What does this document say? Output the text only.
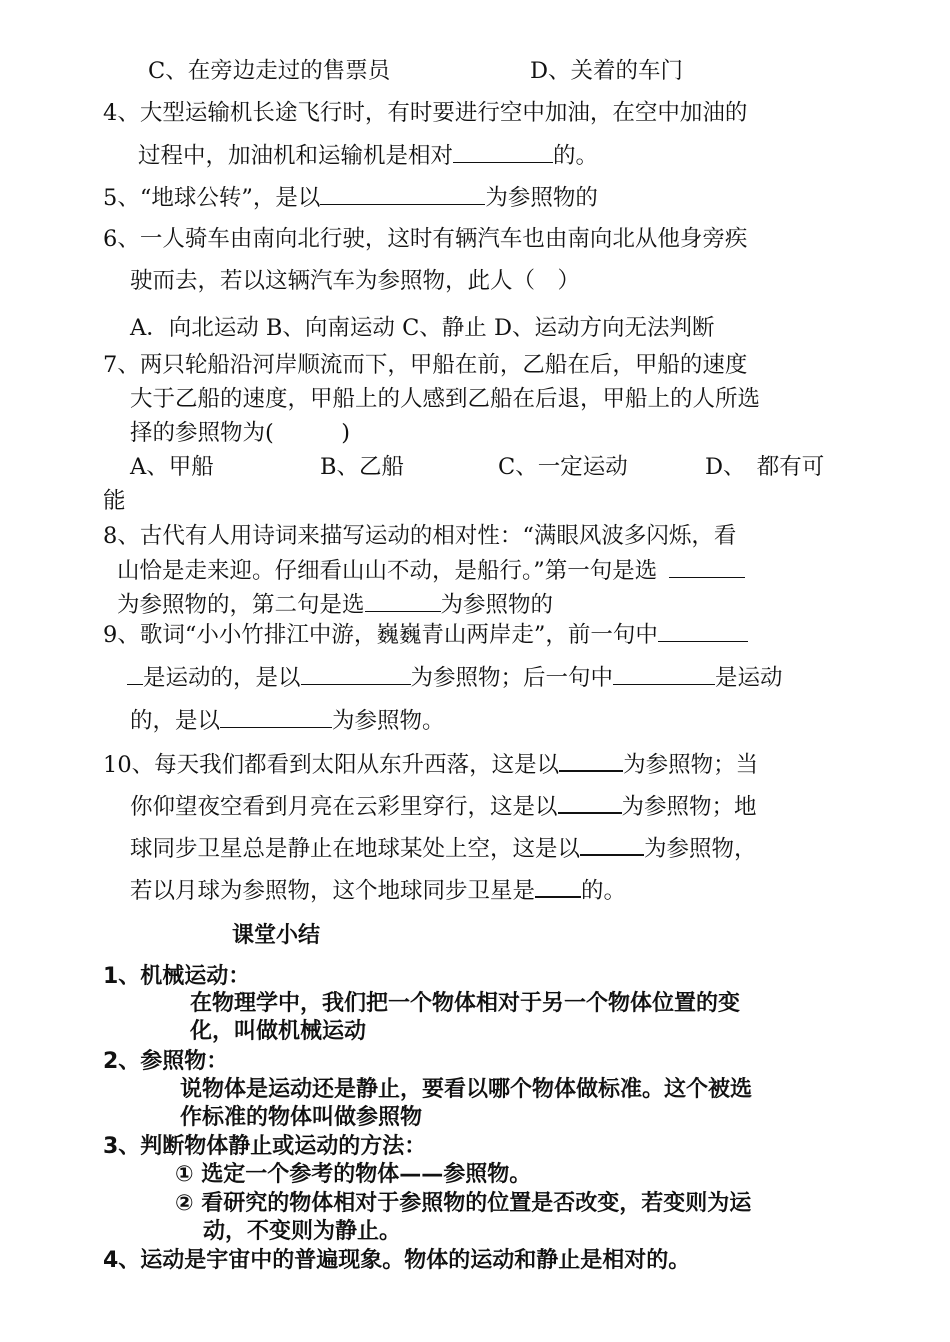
C、在旁边走过的售票员	D、关着的车门
4、大型运输机长途飞行时，有时要进行空中加油，在空中加油的
过程中，加油机和运输机是相对	的。
5、“地球公转”，是以	为参照物的
6、一人骑车由南向北行驶，这时有辆汽车也由南向北从他身旁疾
驶而去，若以这辆汽车为参照物，此人（　）
A．向北运动 B、向南运动 C、静止 D、运动方向无法判断
7、两只轮船沿河岸顺流而下，甲船在前，乙船在后，甲船的速度
大于乙船的速度，甲船上的人感到乙船在后退，甲船上的人所选
择的参照物为(　　　)
A、甲船	B、乙船	C、一定运动	D、　都有可
能
8、古代有人用诗词来描写运动的相对性：“满眼风波多闪烁，看
山恰是走来迎。仔细看山山不动，是船行。”第一句是选
为参照物的，第二句是选	为参照物的
9、歌词“小小竹排江中游，巍巍青山两岸走”，前一句中
是运动的，是以	为参照物；后一句中	是运动
的，是以	为参照物。
10、每天我们都看到太阳从东升西落，这是以	为参照物；当
你仰望夜空看到月亮在云彩里穿行，这是以	为参照物；地
球同步卫星总是静止在地球某处上空，这是以	为参照物，
若以月球为参照物，这个地球同步卫星是 的。
课堂小结
1、机械运动：
在物理学中，我们把一个物体相对于另一个物体位置的变
化，叫做机械运动
2、参照物：
说物体是运动还是静止，要看以哪个物体做标准。这个被选
作标准的物体叫做参照物
3、判断物体静止或运动的方法：
① 选定一个参考的物体——参照物。
② 看研究的物体相对于参照物的位置是否改变，若变则为运
动，不变则为静止。
4、运动是宇宙中的普遍现象。物体的运动和静止是相对的。
